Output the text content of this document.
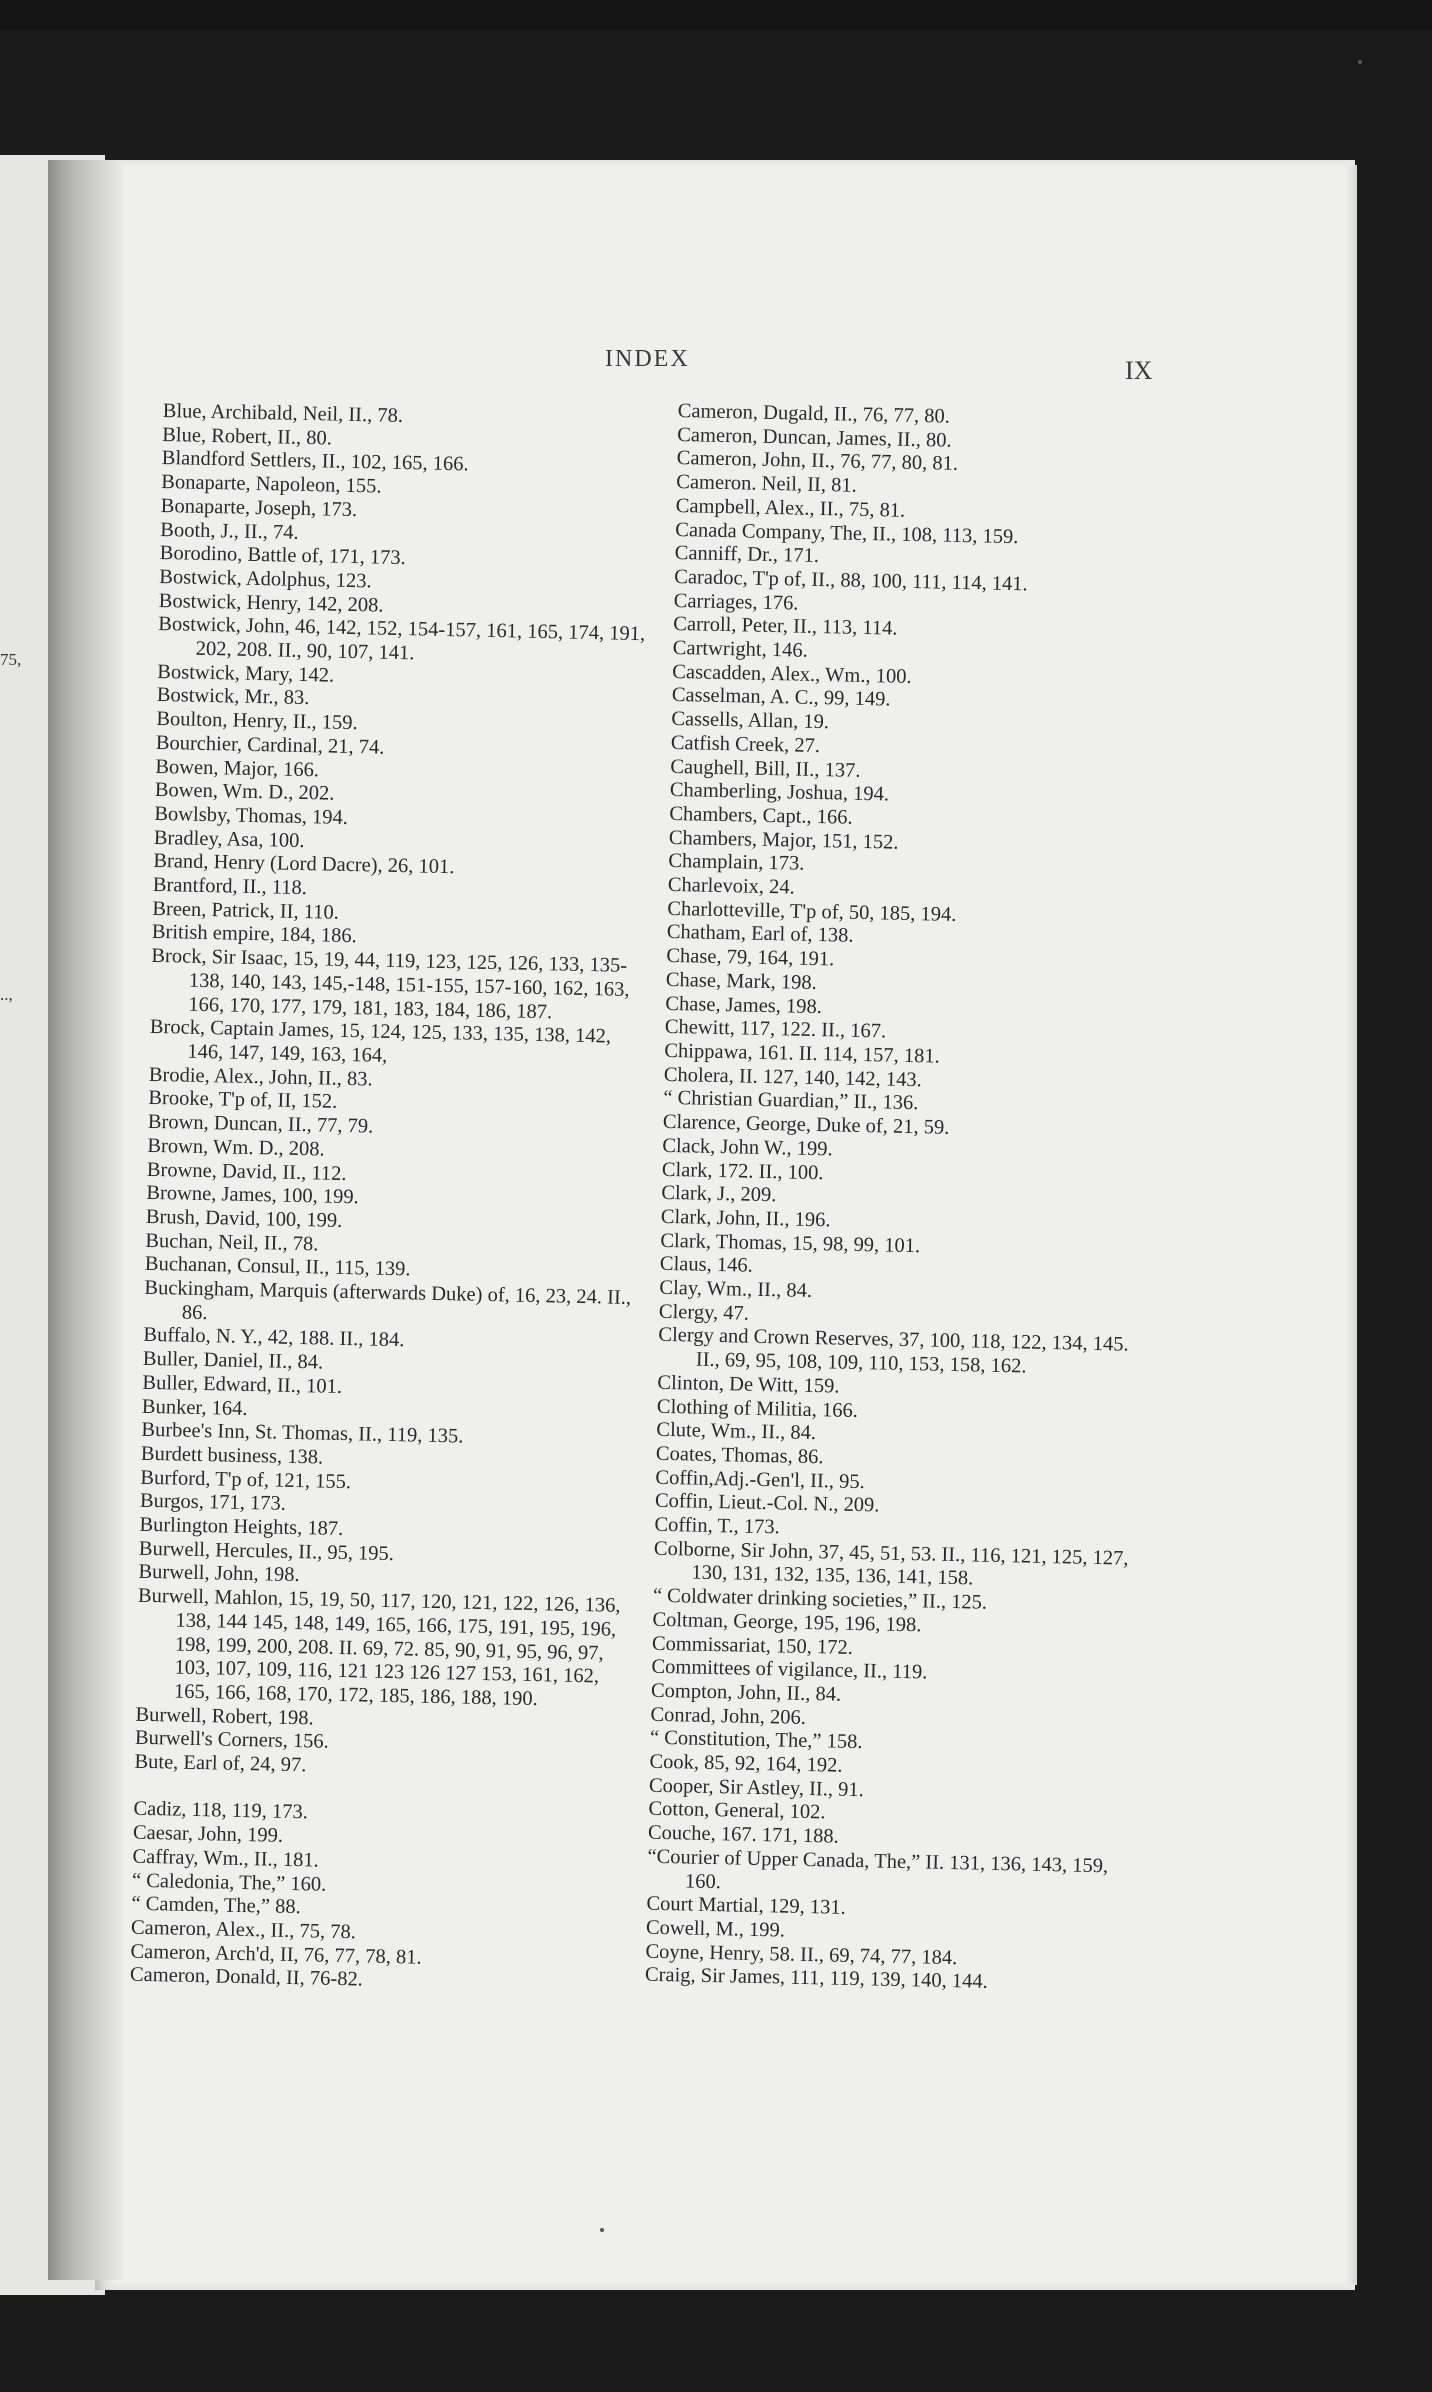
75,
..,
INDEX	IX
Blue, Archibald, Neil, II., 78.
Blue, Robert, II., 80.
Blandford Settlers, II., 102, 165, 166.
Bonaparte, Napoleon, 155.
Bonaparte, Joseph, 173.
Booth, J., II., 74.
Borodino, Battle of, 171, 173.
Bostwick, Adolphus, 123.
Bostwick, Henry, 142, 208.
Bostwick, John, 46, 142, 152, 154-157, 161, 165, 174, 191, 202, 208. II., 90, 107, 141.
Bostwick, Mary, 142.
Bostwick, Mr., 83.
Boulton, Henry, II., 159.
Bourchier, Cardinal, 21, 74.
Bowen, Major, 166.
Bowen, Wm. D., 202.
Bowlsby, Thomas, 194.
Bradley, Asa, 100.
Brand, Henry (Lord Dacre), 26, 101.
Brantford, II., 118.
Breen, Patrick, II, 110.
British empire, 184, 186.
Brock, Sir Isaac, 15, 19, 44, 119, 123, 125, 126, 133, 135-138, 140, 143, 145,-148, 151-155, 157-160, 162, 163, 166, 170, 177, 179, 181, 183, 184, 186, 187.
Brock, Captain James, 15, 124, 125, 133, 135, 138, 142, 146, 147, 149, 163, 164,
Brodie, Alex., John, II., 83.
Brooke, T'p of, II, 152.
Brown, Duncan, II., 77, 79.
Brown, Wm. D., 208.
Browne, David, II., 112.
Browne, James, 100, 199.
Brush, David, 100, 199.
Buchan, Neil, II., 78.
Buchanan, Consul, II., 115, 139.
Buckingham, Marquis (afterwards Duke) of, 16, 23, 24. II., 86.
Buffalo, N. Y., 42, 188. II., 184.
Buller, Daniel, II., 84.
Buller, Edward, II., 101.
Bunker, 164.
Burbee's Inn, St. Thomas, II., 119, 135.
Burdett business, 138.
Burford, T'p of, 121, 155.
Burgos, 171, 173.
Burlington Heights, 187.
Burwell, Hercules, II., 95, 195.
Burwell, John, 198.
Burwell, Mahlon, 15, 19, 50, 117, 120, 121, 122, 126, 136, 138, 144 145, 148, 149, 165, 166, 175, 191, 195, 196, 198, 199, 200, 208. II. 69, 72. 85, 90, 91, 95, 96, 97, 103, 107, 109, 116, 121 123 126 127 153, 161, 162, 165, 166, 168, 170, 172, 185, 186, 188, 190.
Burwell, Robert, 198.
Burwell's Corners, 156.
Bute, Earl of, 24, 97.
Cadiz, 118, 119, 173.
Caesar, John, 199.
Caffray, Wm., II., 181.
“ Caledonia, The,” 160.
“ Camden, The,” 88.
Cameron, Alex., II., 75, 78.
Cameron, Arch'd, II, 76, 77, 78, 81.
Cameron, Donald, II, 76-82.
Cameron, Dugald, II., 76, 77, 80.
Cameron, Duncan, James, II., 80.
Cameron, John, II., 76, 77, 80, 81.
Cameron. Neil, II, 81.
Campbell, Alex., II., 75, 81.
Canada Company, The, II., 108, 113, 159.
Canniff, Dr., 171.
Caradoc, T'p of, II., 88, 100, 111, 114, 141.
Carriages, 176.
Carroll, Peter, II., 113, 114.
Cartwright, 146.
Cascadden, Alex., Wm., 100.
Casselman, A. C., 99, 149.
Cassells, Allan, 19.
Catfish Creek, 27.
Caughell, Bill, II., 137.
Chamberling, Joshua, 194.
Chambers, Capt., 166.
Chambers, Major, 151, 152.
Champlain, 173.
Charlevoix, 24.
Charlotteville, T'p of, 50, 185, 194.
Chatham, Earl of, 138.
Chase, 79, 164, 191.
Chase, Mark, 198.
Chase, James, 198.
Chewitt, 117, 122. II., 167.
Chippawa, 161. II. 114, 157, 181.
Cholera, II. 127, 140, 142, 143.
“ Christian Guardian,” II., 136.
Clarence, George, Duke of, 21, 59.
Clack, John W., 199.
Clark, 172. II., 100.
Clark, J., 209.
Clark, John, II., 196.
Clark, Thomas, 15, 98, 99, 101.
Claus, 146.
Clay, Wm., II., 84.
Clergy, 47.
Clergy and Crown Reserves, 37, 100, 118, 122, 134, 145. II., 69, 95, 108, 109, 110, 153, 158, 162.
Clinton, De Witt, 159.
Clothing of Militia, 166.
Clute, Wm., II., 84.
Coates, Thomas, 86.
Coffin,Adj.-Gen'l, II., 95.
Coffin, Lieut.-Col. N., 209.
Coffin, T., 173.
Colborne, Sir John, 37, 45, 51, 53. II., 116, 121, 125, 127, 130, 131, 132, 135, 136, 141, 158.
“ Coldwater drinking societies,” II., 125.
Coltman, George, 195, 196, 198.
Commissariat, 150, 172.
Committees of vigilance, II., 119.
Compton, John, II., 84.
Conrad, John, 206.
“ Constitution, The,” 158.
Cook, 85, 92, 164, 192.
Cooper, Sir Astley, II., 91.
Cotton, General, 102.
Couche, 167. 171, 188.
“Courier of Upper Canada, The,” II. 131, 136, 143, 159, 160.
Court Martial, 129, 131.
Cowell, M., 199.
Coyne, Henry, 58. II., 69, 74, 77, 184.
Craig, Sir James, 111, 119, 139, 140, 144.
